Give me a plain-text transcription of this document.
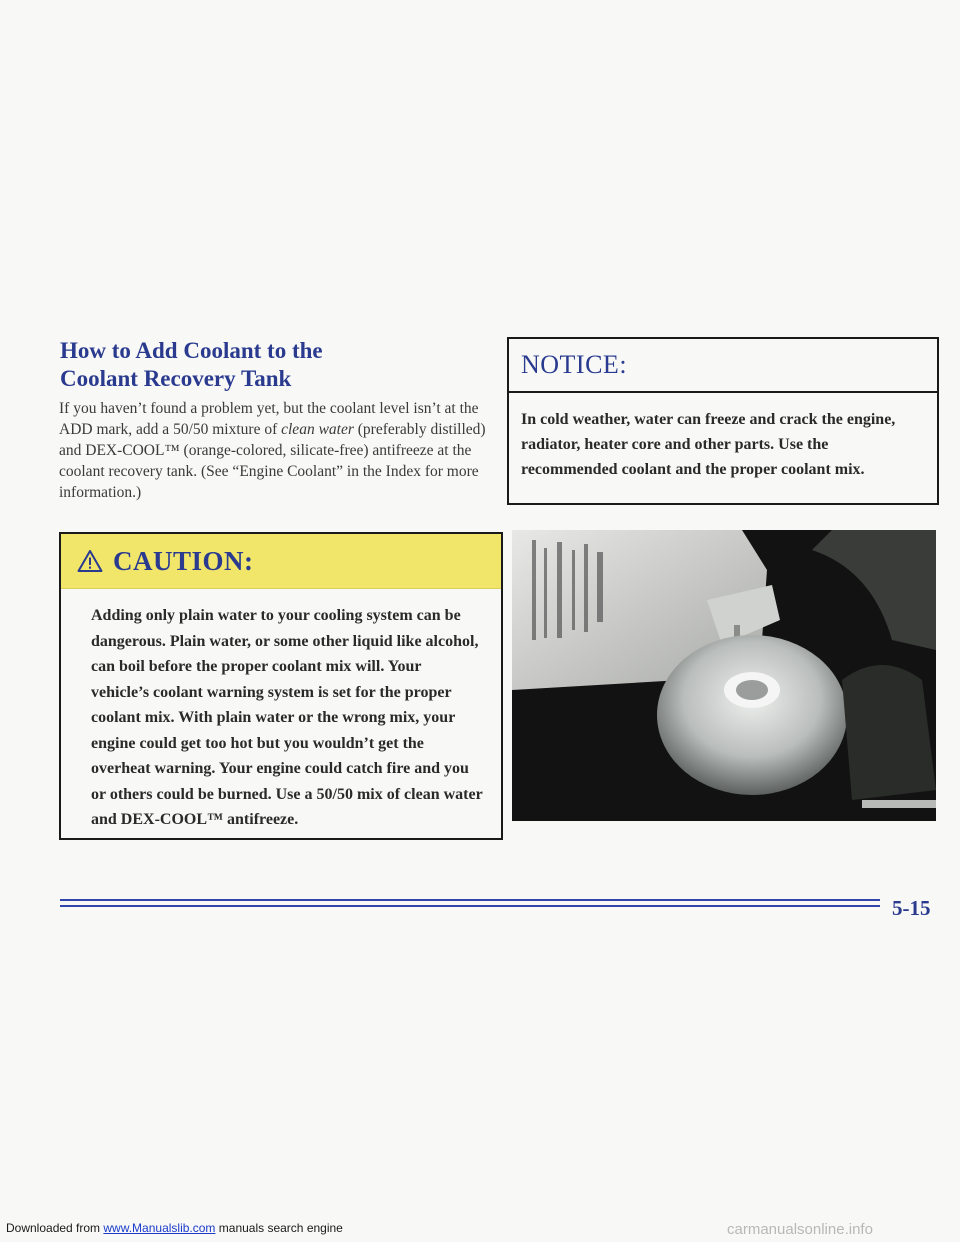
How to Add Coolant to the
Coolant Recovery Tank

If you haven’t found a problem yet, but the coolant level isn’t at the ADD mark, add a 50/50 mixture of clean water (preferably distilled) and DEX-COOL™ (orange-colored, silicate-free) antifreeze at the coolant recovery tank. (See “Engine Coolant” in the Index for more information.)

CAUTION:
Adding only plain water to your cooling system can be dangerous. Plain water, or some other liquid like alcohol, can boil before the proper coolant mix will. Your vehicle’s coolant warning system is set for the proper coolant mix. With plain water or the wrong mix, your engine could get too hot but you wouldn’t get the overheat warning. Your engine could catch fire and you or others could be burned. Use a 50/50 mix of clean water and DEX-COOL™ antifreeze.
NOTICE:
In cold weather, water can freeze and crack the engine, radiator, heater core and other parts. Use the recommended coolant and the proper coolant mix.
5-15
Downloaded from www.Manualslib.com manuals search engine	carmanualsonline.info
